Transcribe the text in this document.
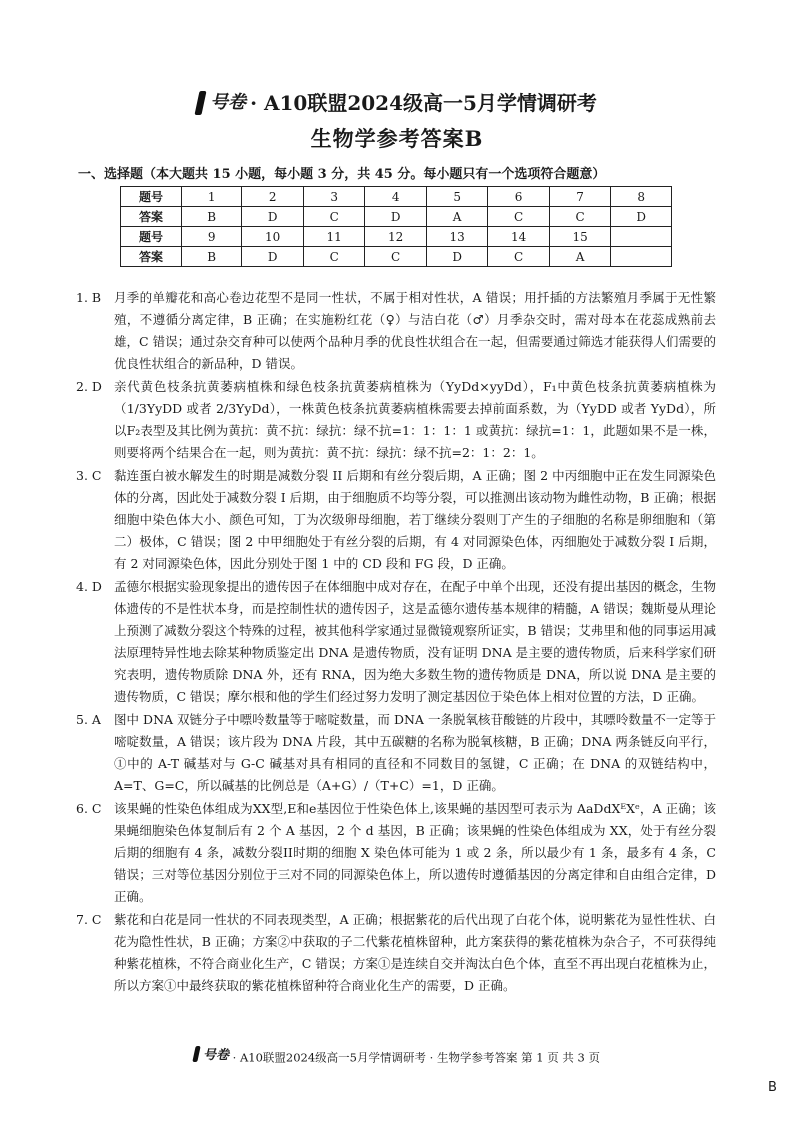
号卷 · A10联盟2024级高一5月学情调研考
生物学参考答案B
一、选择题（本大题共 15 小题，每小题 3 分，共 45 分。每小题只有一个选项符合题意）
题号	1	2	3	4	5	6	7	8
答案	B	D	C	D	A	C	C	D
题号	9	10	11	12	13	14	15	
答案	B	D	C	C	D	C	A	
1. B	月季的单瓣花和高心卷边花型不是同一性状，不属于相对性状，A 错误；用扦插的方法繁殖月季属于无性繁殖，不遵循分离定律，B 正确；在实施粉红花（♀）与洁白花（♂）月季杂交时，需对母本在花蕊成熟前去雄，C 错误；通过杂交育种可以使两个品种月季的优良性状组合在一起，但需要通过筛选才能获得人们需要的优良性状组合的新品种，D 错误。
2. D 亲代黄色枝条抗黄萎病植株和绿色枝条抗黄萎病植株为（YyDd×yyDd），F₁中黄色枝条抗黄萎病植株为（1/3YyDD 或者 2/3YyDd），一株黄色枝条抗黄萎病植株需要去掉前面系数，为（YyDD 或者 YyDd），所以F₂表型及其比例为黄抗：黄不抗：绿抗：绿不抗=1：1：1：1 或黄抗：绿抗=1：1，此题如果不是一株，则要将两个结果合在一起，则为黄抗：黄不抗：绿抗：绿不抗=2：1：2：1。
3. C	黏连蛋白被水解发生的时期是减数分裂 II 后期和有丝分裂后期，A 正确；图 2 中丙细胞中正在发生同源染色体的分离，因此处于减数分裂 I 后期，由于细胞质不均等分裂，可以推测出该动物为雌性动物，B 正确；根据细胞中染色体大小、颜色可知，丁为次级卵母细胞，若丁继续分裂则丁产生的子细胞的名称是卵细胞和（第二）极体，C 错误；图 2 中甲细胞处于有丝分裂的后期，有 4 对同源染色体，丙细胞处于减数分裂 I 后期，有 2 对同源染色体，因此分别处于图 1 中的 CD 段和 FG 段，D 正确。
4. D 孟德尔根据实验现象提出的遗传因子在体细胞中成对存在，在配子中单个出现，还没有提出基因的概念，生物体遗传的不是性状本身，而是控制性状的遗传因子，这是孟德尔遗传基本规律的精髓，A 错误；魏斯曼从理论上预测了减数分裂这个特殊的过程，被其他科学家通过显微镜观察所证实，B 错误；艾弗里和他的同事运用减法原理特异性地去除某种物质鉴定出 DNA 是遗传物质，没有证明 DNA 是主要的遗传物质，后来科学家们研究表明，遗传物质除 DNA 外，还有 RNA，因为绝大多数生物的遗传物质是 DNA，所以说 DNA 是主要的遗传物质，C 错误；摩尔根和他的学生们经过努力发明了测定基因位于染色体上相对位置的方法，D 正确。
5. A	图中 DNA 双链分子中嘌呤数量等于嘧啶数量，而 DNA 一条脱氧核苷酸链的片段中，其嘌呤数量不一定等于嘧啶数量，A 错误；该片段为 DNA 片段，其中五碳糖的名称为脱氧核糖，B 正确；DNA 两条链反向平行，①中的 A-T 碱基对与 G-C 碱基对具有相同的直径和不同数目的氢键，C 正确；在 DNA 的双链结构中，A=T、G=C，所以碱基的比例总是（A+G）/（T+C）=1，D 正确。
6. C	该果蝇的性染色体组成为XX型,E和e基因位于性染色体上,该果蝇的基因型可表示为 AaDdXᴱXᵉ，A 正确；该果蝇细胞染色体复制后有 2 个 A 基因，2 个 d 基因，B 正确；该果蝇的性染色体组成为 XX，处于有丝分裂后期的细胞有 4 条，减数分裂II时期的细胞 X 染色体可能为 1 或 2 条，所以最少有 1 条，最多有 4 条，C 错误；三对等位基因分别位于三对不同的同源染色体上，所以遗传时遵循基因的分离定律和自由组合定律，D 正确。
7. C	紫花和白花是同一性状的不同表现类型，A 正确；根据紫花的后代出现了白花个体，说明紫花为显性性状、白花为隐性性状，B 正确；方案②中获取的子二代紫花植株留种，此方案获得的紫花植株为杂合子，不可获得纯种紫花植株，不符合商业化生产，C 错误；方案①是连续自交并淘汰白色个体，直至不再出现白花植株为止，所以方案①中最终获取的紫花植株留种符合商业化生产的需要，D 正确。
号卷 · A10联盟2024级高一5月学情调研考 · 生物学参考答案 第 1 页 共 3 页
B
